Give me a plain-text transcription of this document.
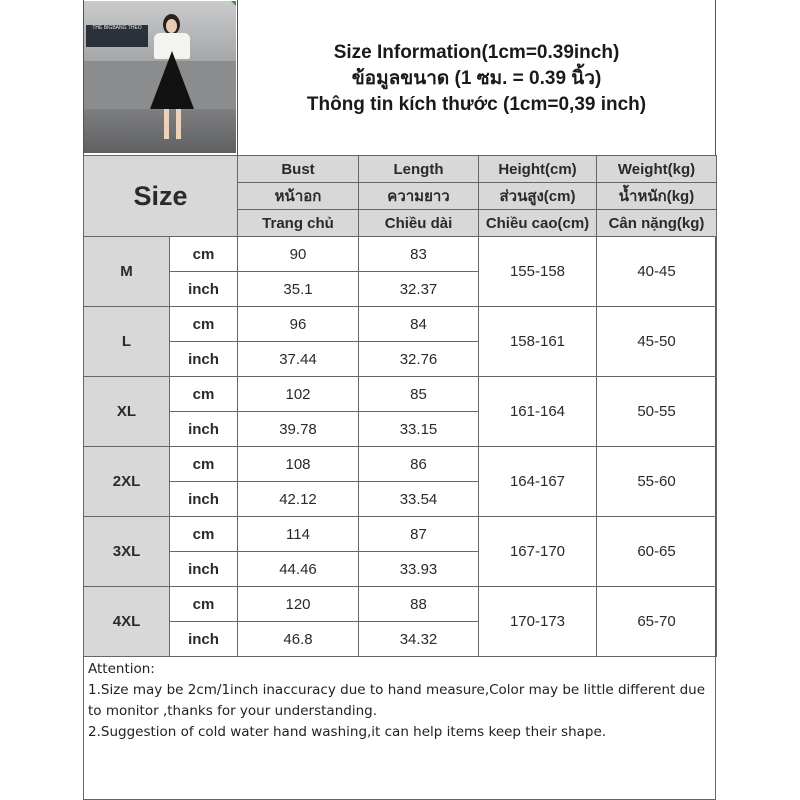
THE BIGBANG THEO
Size Information(1cm=0.39inch)
ข้อมูลขนาด (1 ซม. = 0.39 นิ้ว)
Thông tin kích thước (1cm=0,39 inch)
Size		Bust	Length	Height(cm)	Weight(kg)
		หน้าอก	ความยาว	ส่วนสูง(cm)	น้ำหนัก(kg)
		Trang chủ	Chiều dài	Chiều cao(cm)	Cân nặng(kg)
M	cm	90	83	155-158	40-45
	inch	35.1	32.37		
L	cm	96	84	158-161	45-50
	inch	37.44	32.76		
XL	cm	102	85	161-164	50-55
	inch	39.78	33.15		
2XL	cm	108	86	164-167	55-60
	inch	42.12	33.54		
3XL	cm	114	87	167-170	60-65
	inch	44.46	33.93		
4XL	cm	120	88	170-173	65-70
	inch	46.8	34.32		

Attention:

1.Size may be 2cm/1inch inaccuracy due to hand measure,Color may be little different due to monitor ,thanks for your understanding.

2.Suggestion of cold water hand washing,it can help items keep their shape.
